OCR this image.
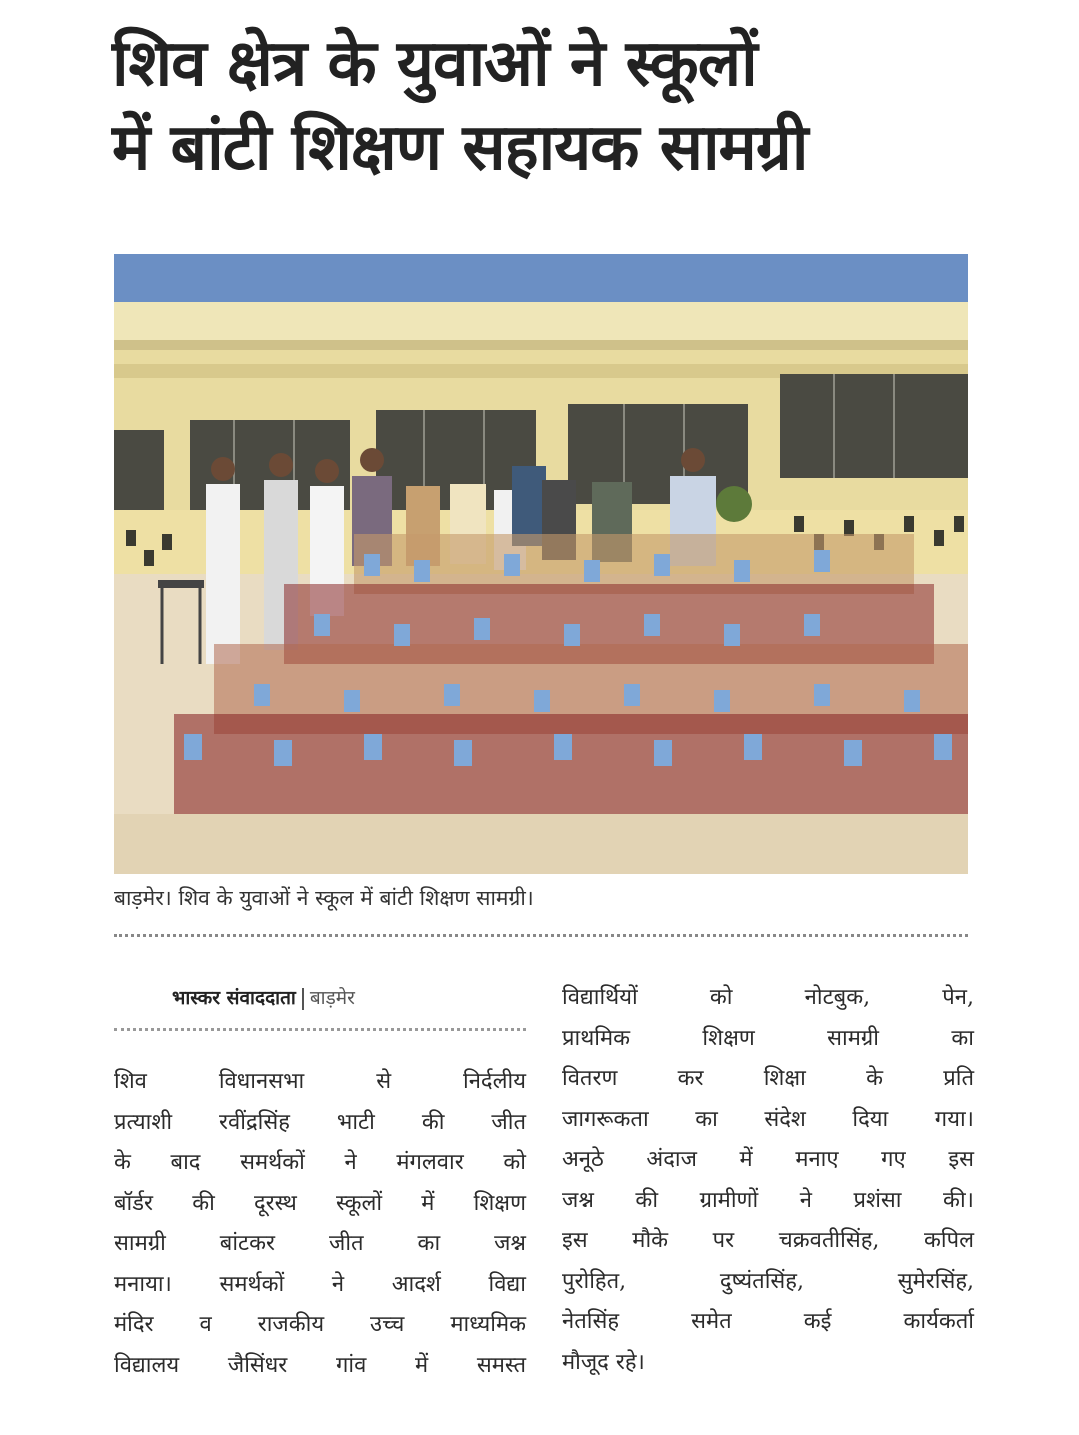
शिव क्षेत्र के युवाओं ने स्कूलों
में बांटी शिक्षण सहायक सामग्री
बाड़मेर। शिव के युवाओं ने स्कूल में बांटी शिक्षण सामग्री।
भास्कर संवाददाता बाड़मेर
शिव विधानसभा से निर्दलीय
प्रत्याशी रवींद्रसिंह भाटी की जीत
के बाद समर्थकों ने मंगलवार को
बॉर्डर की दूरस्थ स्कूलों में शिक्षण
सामग्री बांटकर जीत का जश्न
मनाया। समर्थकों ने आदर्श विद्या
मंदिर व राजकीय उच्च माध्यमिक
विद्यालय जैसिंधर गांव में समस्त
विद्यार्थियों को नोटबुक, पेन,
प्राथमिक शिक्षण सामग्री का
वितरण कर शिक्षा के प्रति
जागरूकता का संदेश दिया गया।
अनूठे अंदाज में मनाए गए इस
जश्न की ग्रामीणों ने प्रशंसा की।
इस मौके पर चक्रवतीसिंह, कपिल
पुरोहित, दुष्यंतसिंह, सुमेरसिंह,
नेतसिंह समेत कई कार्यकर्ता
मौजूद रहे।
